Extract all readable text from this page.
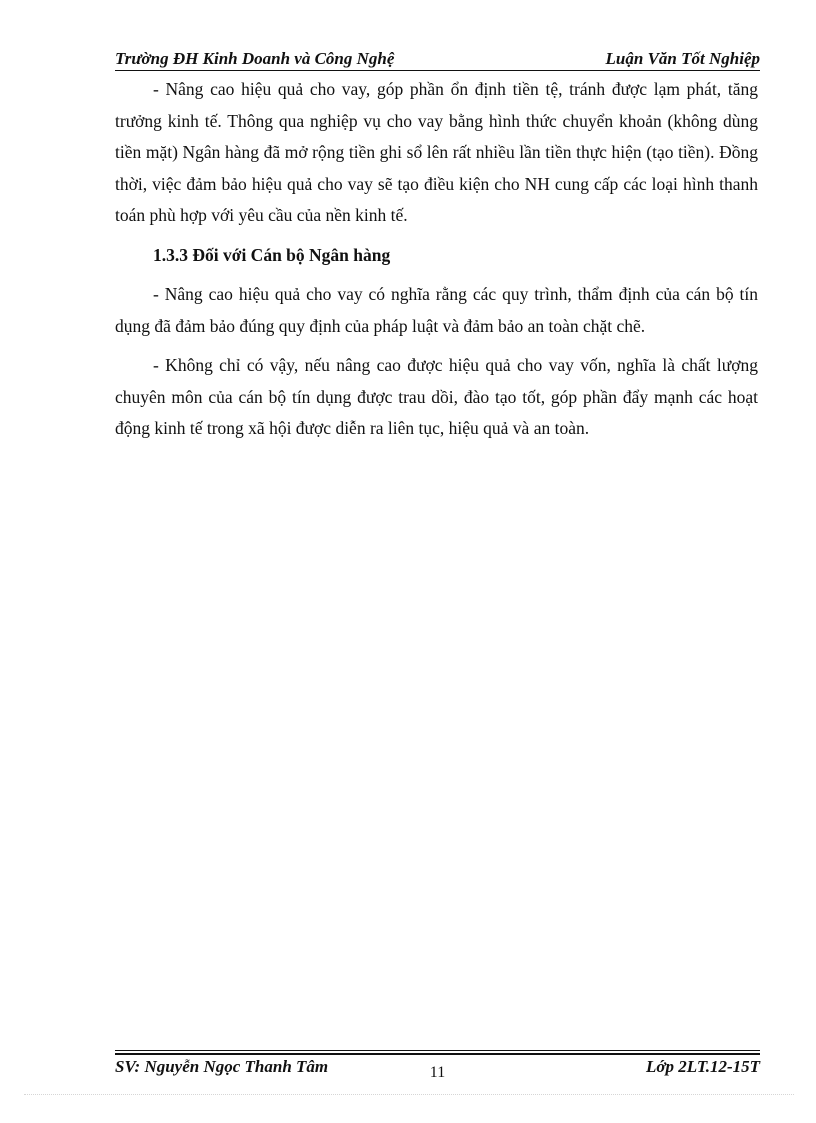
Trường ĐH Kinh Doanh và Công Nghệ	Luận Văn Tốt Nghiệp

- Nâng cao hiệu quả cho vay, góp phần ổn định tiền tệ, tránh được lạm phát, tăng trưởng kinh tế. Thông qua nghiệp vụ cho vay bằng hình thức chuyển khoản (không dùng tiền mặt) Ngân hàng đã mở rộng tiền ghi sổ lên rất nhiều lần tiền thực hiện (tạo tiền). Đồng thời, việc đảm bảo hiệu quả cho vay sẽ tạo điều kiện cho NH cung cấp các loại hình thanh toán phù hợp với yêu cầu của nền kinh tế.

1.3.3 Đối với Cán bộ Ngân hàng

- Nâng cao hiệu quả cho vay có nghĩa rằng các quy trình, thẩm định của cán bộ tín dụng đã đảm bảo đúng quy định của pháp luật và đảm bảo an toàn chặt chẽ.

- Không chỉ có vậy, nếu nâng cao được hiệu quả cho vay vốn, nghĩa là chất lượng chuyên môn của cán bộ tín dụng được trau dồi, đào tạo tốt, góp phần đẩy mạnh các hoạt động kinh tế trong xã hội được diễn ra liên tục, hiệu quả và an toàn.

SV: Nguyễn Ngọc Thanh Tâm	11	Lớp 2LT.12-15T
